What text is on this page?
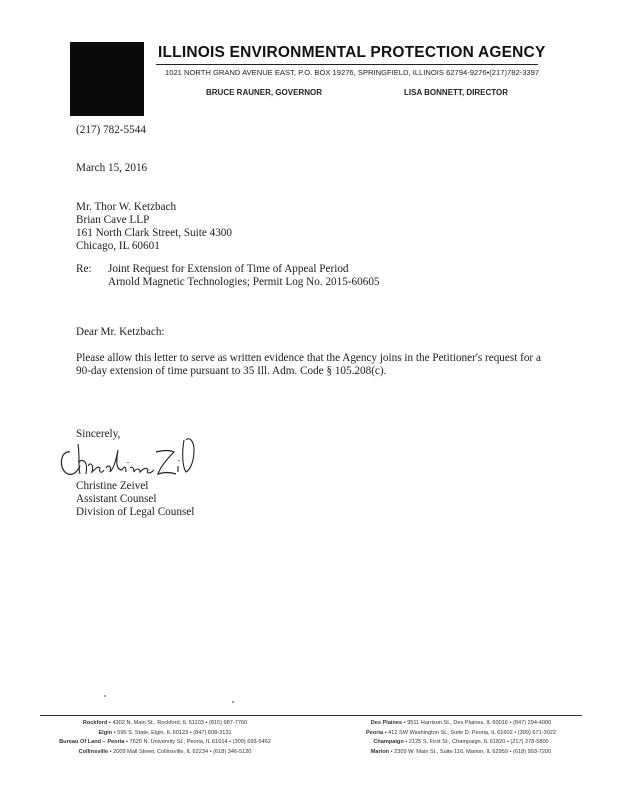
ILLINOIS ENVIRONMENTAL PROTECTION AGENCY
1021 NORTH GRAND AVENUE EAST, P.O. BOX 19276, SPRINGFIELD, ILLINOIS 62794-9276•(217)782-3397
BRUCE RAUNER, GOVERNOR	LISA BONNETT, DIRECTOR
(217) 782-5544
March 15, 2016
Mr. Thor W. Ketzbach
Brian Cave LLP
161 North Clark Street, Suite 4300
Chicago, IL 60601
Re: Joint Request for Extension of Time of Appeal Period
Arnold Magnetic Technologies; Permit Log No. 2015-60605
Dear Mr. Ketzbach:
Please allow this letter to serve as written evidence that the Agency joins in the Petitioner's request for a 90-day extension of time pursuant to 35 Ill. Adm. Code § 105.208(c).
Sincerely,
Christine Zeivel
Assistant Counsel
Division of Legal Counsel
Rockford • 4302 N. Main St., Rockford, IL 61103 • (815) 987-7760
Elgin • 595 S. State, Elgin, IL 60123 • (847) 608-3131
Bureau Of Land – Peoria • 7620 N. University St., Peoria, IL 61614 • (309) 693-5462
Collinsville • 2009 Mall Street, Collinsville, IL 62234 • (618) 346-5120
Des Plaines • 9511 Harrison St., Des Plaines, IL 60016 • (847) 294-4000
Peoria • 412 SW Washington St., Suite D, Peoria, IL 61602 • (309) 671-3022
Champaign • 2125 S. First St., Champaign, IL 61820 • (217) 278-5800
Marion • 2309 W. Main St., Suite 116, Marion, IL 62959 • (618) 993-7200
